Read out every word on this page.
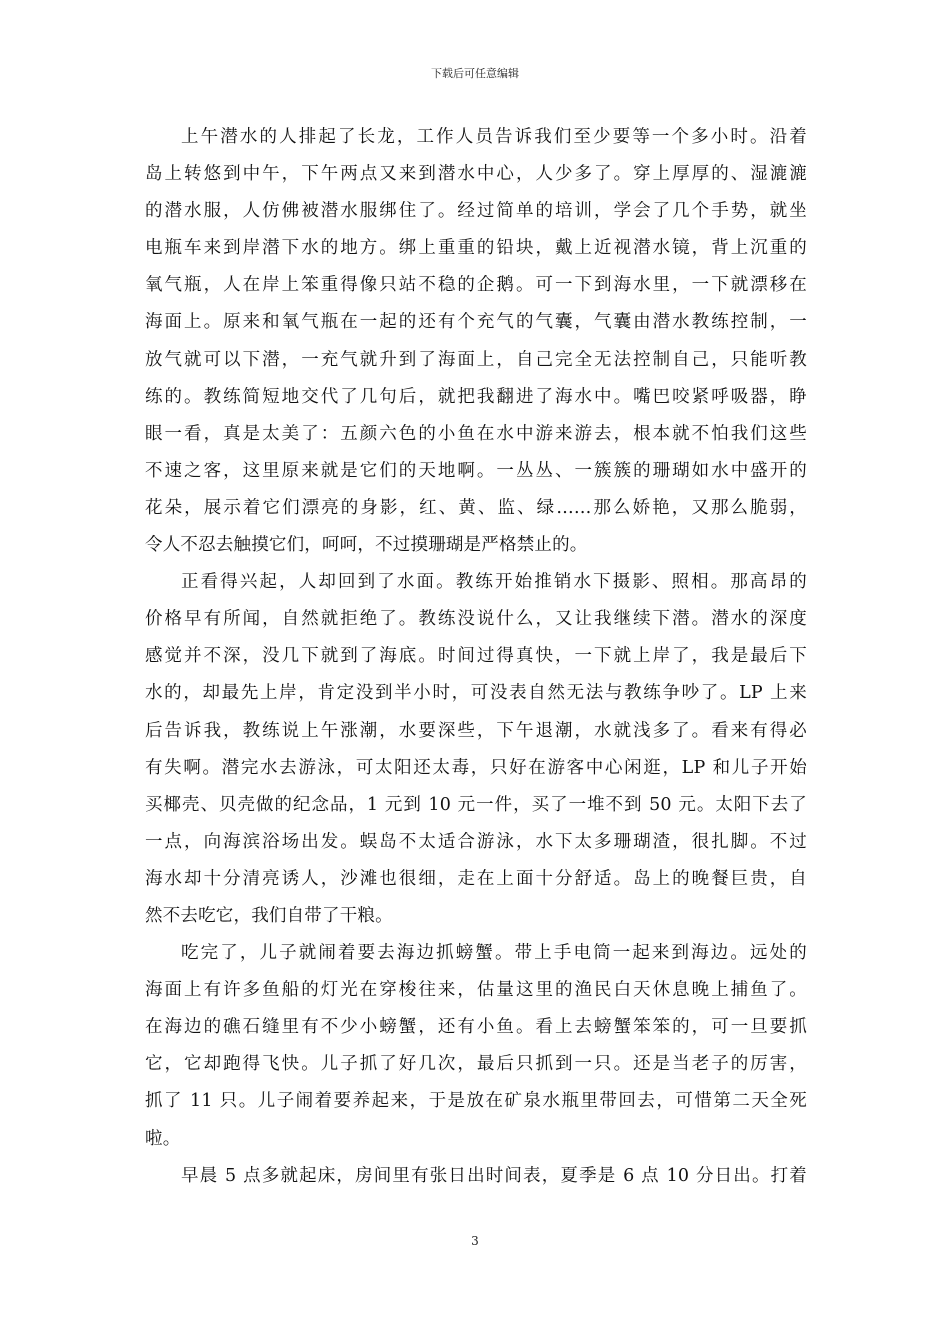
下载后可任意编辑
上午潜水的人排起了长龙，工作人员告诉我们至少要等一个多小时。沿着
岛上转悠到中午，下午两点又来到潜水中心，人少多了。穿上厚厚的、湿漉漉
的潜水服，人仿佛被潜水服绑住了。经过简单的培训，学会了几个手势，就坐
电瓶车来到岸潜下水的地方。绑上重重的铅块，戴上近视潜水镜，背上沉重的
氧气瓶，人在岸上笨重得像只站不稳的企鹅。可一下到海水里，一下就漂移在
海面上。原来和氧气瓶在一起的还有个充气的气囊，气囊由潜水教练控制，一
放气就可以下潜，一充气就升到了海面上，自己完全无法控制自己，只能听教
练的。教练简短地交代了几句后，就把我翻进了海水中。嘴巴咬紧呼吸器，睁
眼一看，真是太美了：五颜六色的小鱼在水中游来游去，根本就不怕我们这些
不速之客，这里原来就是它们的天地啊。一丛丛、一簇簇的珊瑚如水中盛开的
花朵，展示着它们漂亮的身影，红、黄、监、绿……那么娇艳，又那么脆弱，
令人不忍去触摸它们，呵呵，不过摸珊瑚是严格禁止的。
正看得兴起，人却回到了水面。教练开始推销水下摄影、照相。那高昂的
价格早有所闻，自然就拒绝了。教练没说什么，又让我继续下潜。潜水的深度
感觉并不深，没几下就到了海底。时间过得真快，一下就上岸了，我是最后下
水的，却最先上岸，肯定没到半小时，可没表自然无法与教练争吵了。LP 上来
后告诉我，教练说上午涨潮，水要深些，下午退潮，水就浅多了。看来有得必
有失啊。潜完水去游泳，可太阳还太毒，只好在游客中心闲逛，LP 和儿子开始
买椰壳、贝壳做的纪念品，1 元到 10 元一件，买了一堆不到 50 元。太阳下去了
一点，向海滨浴场出发。蜈岛不太适合游泳，水下太多珊瑚渣，很扎脚。不过
海水却十分清亮诱人，沙滩也很细，走在上面十分舒适。岛上的晚餐巨贵，自
然不去吃它，我们自带了干粮。
吃完了，儿子就闹着要去海边抓螃蟹。带上手电筒一起来到海边。远处的
海面上有许多鱼船的灯光在穿梭往来，估量这里的渔民白天休息晚上捕鱼了。
在海边的礁石缝里有不少小螃蟹，还有小鱼。看上去螃蟹笨笨的，可一旦要抓
它，它却跑得飞快。儿子抓了好几次，最后只抓到一只。还是当老子的厉害，
抓了 11 只。儿子闹着要养起来，于是放在矿泉水瓶里带回去，可惜第二天全死
啦。
早晨 5 点多就起床，房间里有张日出时间表，夏季是 6 点 10 分日出。打着
3
